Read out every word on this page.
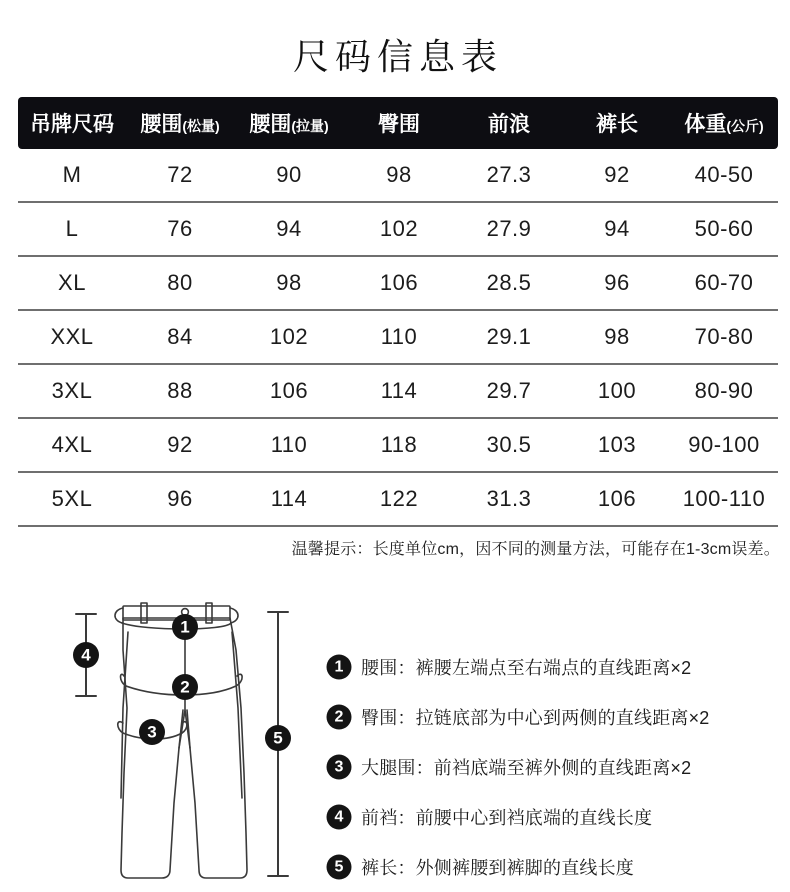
尺码信息表
吊牌尺码	腰围(松量)	腰围(拉量)	臀围	前浪	裤长	体重(公斤)
M	72	90	98	27.3	92	40-50
L	76	94	102	27.9	94	50-60
XL	80	98	106	28.5	96	60-70
XXL	84	102	110	29.1	98	70-80
3XL	88	106	114	29.7	100	80-90
4XL	92	110	118	30.5	103	90-100
5XL	96	114	122	31.3	106	100-110
温馨提示：长度单位cm，因不同的测量方法，可能存在1-3cm误差。
1
2
3
4
5
1 腰围：裤腰左端点至右端点的直线距离×2
2 臀围：拉链底部为中心到两侧的直线距离×2
3 大腿围：前裆底端至裤外侧的直线距离×2
4 前裆：前腰中心到裆底端的直线长度
5 裤长：外侧裤腰到裤脚的直线长度
